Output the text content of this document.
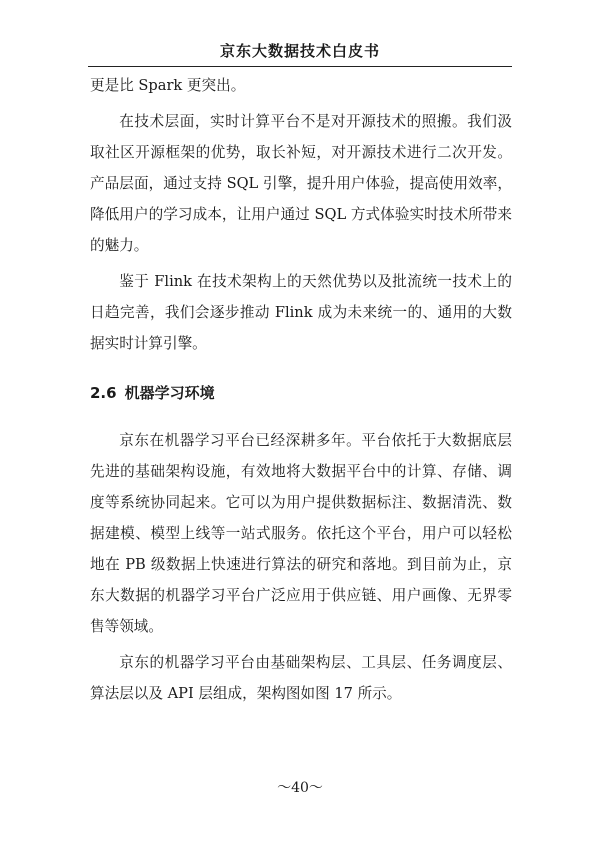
京东大数据技术白皮书

更是比 Spark 更突出。

在技术层面，实时计算平台不是对开源技术的照搬。我们汲取社区开源框架的优势，取长补短，对开源技术进行二次开发。产品层面，通过支持 SQL 引擎，提升用户体验，提高使用效率，降低用户的学习成本，让用户通过 SQL 方式体验实时技术所带来的魅力。

鉴于 Flink 在技术架构上的天然优势以及批流统一技术上的日趋完善，我们会逐步推动 Flink 成为未来统一的、通用的大数据实时计算引擎。

2.6 机器学习环境

京东在机器学习平台已经深耕多年。平台依托于大数据底层先进的基础架构设施，有效地将大数据平台中的计算、存储、调度等系统协同起来。它可以为用户提供数据标注、数据清洗、数据建模、模型上线等一站式服务。依托这个平台，用户可以轻松地在 PB 级数据上快速进行算法的研究和落地。到目前为止，京东大数据的机器学习平台广泛应用于供应链、用户画像、无界零售等领域。

京东的机器学习平台由基础架构层、工具层、任务调度层、算法层以及 API 层组成，架构图如图 17 所示。

～40～
